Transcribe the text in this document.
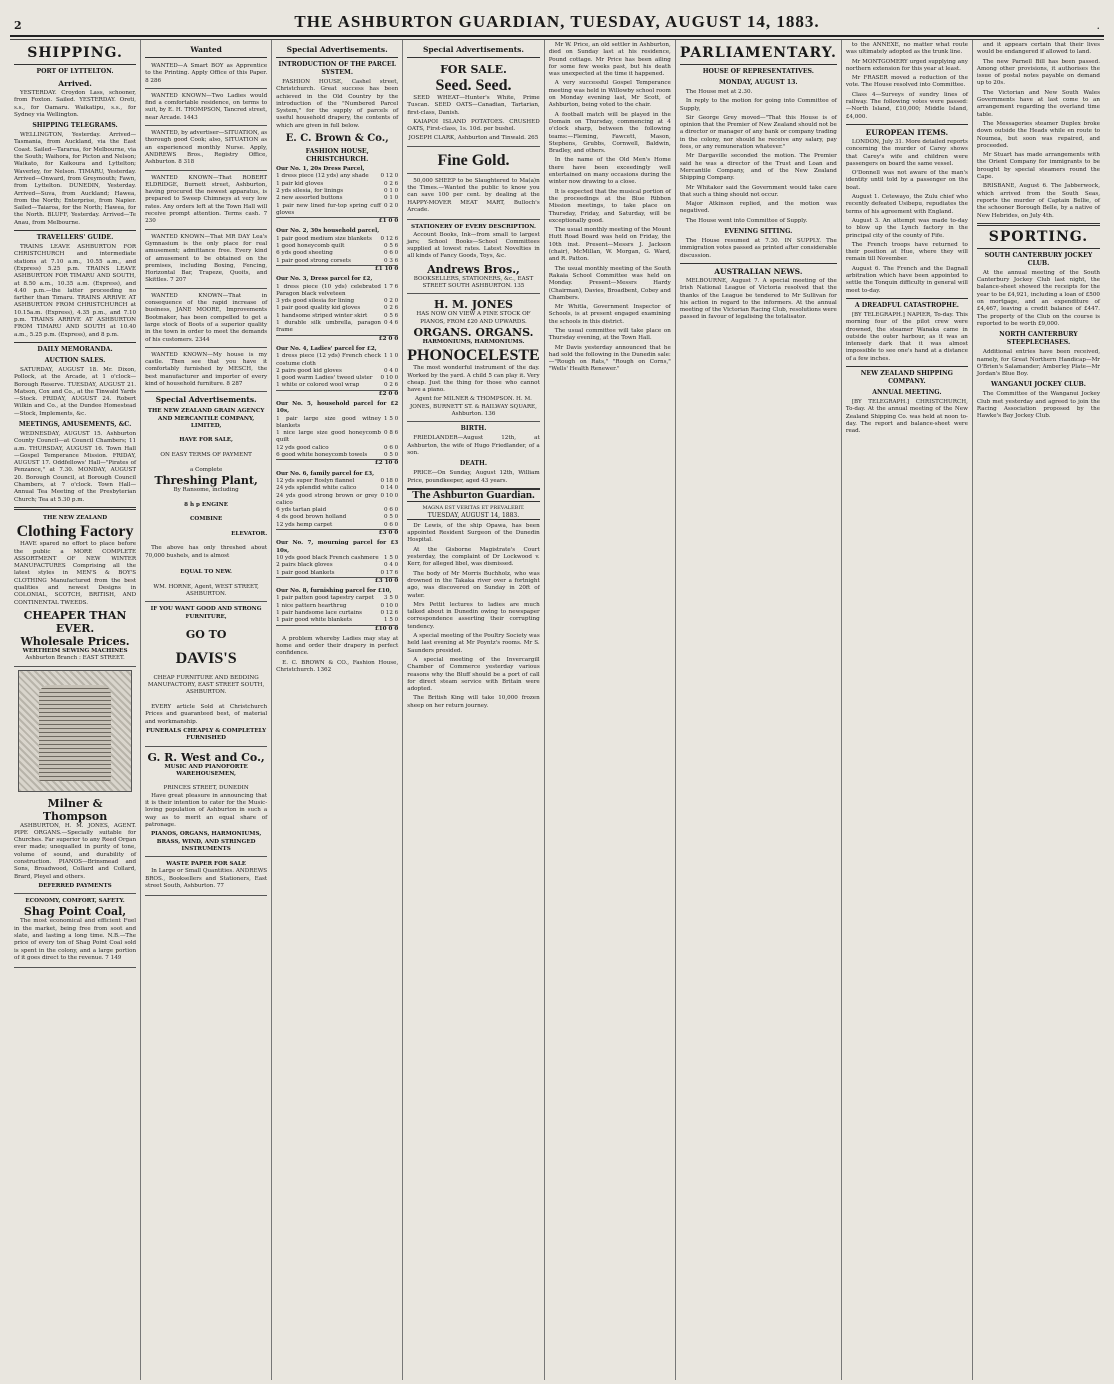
2	THE ASHBURTON GUARDIAN, TUESDAY, AUGUST 14, 1883.	.
SHIPPING.
PORT OF LYTTELTON.
Arrived.

YESTERDAY. Croydon Lass, schooner, from Foxton. Sailed. YESTERDAY. Oreti, s.s., for Oamaru. Waikatipu, s.s., for Sydney via Wellington.

SHIPPING TELEGRAMS.

WELLINGTON, Yesterday. Arrived—Tasmania, from Auckland, via the East Coast. Sailed—Tararua, for Melbourne, via the South; Waihora, for Picton and Nelson; Waikato, for Kaikoura and Lyttelton; Waverley, for Nelson. TIMARU, Yesterday. Arrived—Onward, from Greymouth; Fawn, from Lyttelton. DUNEDIN, Yesterday. Arrived—Suva, from Auckland; Hawea, from the North; Enterprise, from Napier. Sailed—Taiaroa, for the North; Hawea, for the North. BLUFF, Yesterday. Arrived—Te Anau, from Melbourne.

TRAVELLERS' GUIDE.

TRAINS LEAVE ASHBURTON FOR CHRISTCHURCH and intermediate stations at 7.10 a.m., 10.55 a.m., and (Express) 5.25 p.m. TRAINS LEAVE ASHBURTON FOR TIMARU AND SOUTH, at 8.50 a.m., 10.35 a.m. (Express), and 4.40 p.m.—the latter proceeding no farther than Timaru. TRAINS ARRIVE AT ASHBURTON FROM CHRISTCHURCH at 10.15a.m. (Express), 4.35 p.m., and 7.10 p.m. TRAINS ARRIVE AT ASHBURTON FROM TIMARU AND SOUTH at 10.40 a.m., 5.25 p.m. (Express), and 8 p.m.

DAILY MEMORANDA.
AUCTION SALES.

SATURDAY, AUGUST 18. Mr. Dixon, Pollock, at the Arcade, at 1 o'clock—Borough Reserve. TUESDAY, AUGUST 21. Matson, Cox and Co., at the Tinwald Yards—Stock. FRIDAY, AUGUST 24. Robert Wilkin and Co., at the Dundee Homestead—Stock, Implements, &c.

MEETINGS, AMUSEMENTS, &C.

WEDNESDAY, AUGUST 15. Ashburton County Council—at Council Chambers; 11 a.m. THURSDAY, AUGUST 16. Town Hall—Gospel Temperance Mission. FRIDAY, AUGUST 17. Oddfellows' Hall—"Pirates of Penzance," at 7.30. MONDAY, AUGUST 20. Borough Council, at Borough Council Chambers, at 7 o'clock. Town Hall—Annual Tea Meeting of the Presbyterian Church; Tea at 5.30 p.m.

THE NEW ZEALAND
Clothing Factory

HAVE spared no effort to place before the public a MORE COMPLETE ASSORTMENT OF NEW WINTER MANUFACTURES Comprising all the latest styles in MEN'S & BOY'S CLOTHING Manufactured from the best qualities and newest Designs in COLONIAL, SCOTCH, BRITISH, AND CONTINENTAL TWEEDS.

CHEAPER THAN EVER.
Wholesale Prices.
WERTHEIM SEWING MACHINES
Ashburton Branch : EAST STREET.
Milner & Thompson

ASHBURTON, H. M. JONES, AGENT. PIPE ORGANS.—Specially suitable for Churches. Far superior to any Reed Organ ever made; unequalled in purity of tone, volume of sound, and durability of construction. PIANOS—Brinsmead and Sons, Broadwood, Collard and Collard, Brard, Pleyel and others.

DEFERRED PAYMENTS
ECONOMY, COMFORT, SAFETY.
Shag Point Coal,

The most economical and efficient Fuel in the market, being free from soot and slate, and lasting a long time. N.B.—The price of every ton of Shag Point Coal sold is spent in the colony, and a large portion of it goes direct to the revenue. 7 149

Wanted

WANTED—A Smart BOY as Apprentice to the Printing. Apply Office of this Paper. 8 286

WANTED KNOWN—Two Ladies would find a comfortable residence, on terms to suit, by E. H. THOMPSON, Tancred street, near Arcade. 1443

WANTED, by advertiser—SITUATION, as thorough good Cook; also, SITUATION as an experienced monthly Nurse. Apply, ANDREWS Bros., Registry Office, Ashburton. 8 318

WANTED KNOWN—That ROBERT ELDRIDGE, Burnett street, Ashburton, having procured the newest apparatus, is prepared to Sweep Chimneys at very low rates. Any orders left at the Town Hall will receive prompt attention. Terms cash. 7 230

WANTED KNOWN—That MR DAY Lea's Gymnasium is the only place for real amusement; admittance free. Every kind of amusement to be obtained on the premises, including Boxing, Fencing, Horizontal Bar, Trapeze, Quoits, and Skittles. 7 207

WANTED KNOWN—That in consequence of the rapid increase of business, JANE MOORE, Improvements Bootmaker, has been compelled to get a large stock of Boots of a superior quality in the town in order to meet the demands of his customers. 2344

WANTED KNOWN—My house is my castle. Then see that you have it comfortably furnished by MESCH, the best manufacturer and importer of every kind of household furniture. 8 287

Special Advertisements.
THE NEW ZEALAND GRAIN AGENCY AND MERCANTILE COMPANY, LIMITED,

HAVE FOR SALE,

ON EASY TERMS OF PAYMENT

a Complete
Threshing Plant,
By Ransome, including

8 h p ENGINE

COMBINE

ELEVATOR.

The above has only threshed about 70,000 bushels, and is almost

EQUAL TO NEW.

WM. HORNE, Agent, WEST STREET, ASHBURTON.
IF YOU WANT GOOD AND STRONG FURNITURE,

GO TO

DAVIS'S

CHEAP FURNITURE AND BEDDING MANUFACTORY, EAST STREET SOUTH, ASHBURTON.

EVERY article Sold at Christchurch Prices and guaranteed best, of material and workmanship.

FUNERALS CHEAPLY & COMPLETELY FURNISHED
G. R. West and Co.,
MUSIC AND PIANOFORTE WAREHOUSEMEN,

PRINCES STREET, DUNEDIN

Have great pleasure in announcing that it is their intention to cater for the Music-loving population of Ashburton in such a way as to merit an equal share of patronage.

PIANOS, ORGANS, HARMONIUMS, BRASS, WIND, AND STRINGED INSTRUMENTS
WASTE PAPER FOR SALE

In Large or Small Quantities. ANDREWS BROS., Booksellers and Stationers, East street South, Ashburton. 77

Special Advertisements.
INTRODUCTION OF THE PARCEL SYSTEM.

FASHION HOUSE, Cashel street, Christchurch. Great success has been achieved in the Old Country by the introduction of the "Numbered Parcel System," for the supply of parcels of useful household drapery, the contents of which are given in full below.

E. C. Brown & Co.,
FASHION HOUSE, CHRISTCHURCH.
Our No. 1, 20s Dress Parcel,
1 dress piece (12 yds) any shade 0 12 0
1 pair kid gloves	0 2 6
2 yds silesia, for linings	0 1 0
2 new assorted buttons	0 1 0
1 pair new lined fur-top spring cuff gloves
0 2 0
£1 0 0
Our No. 2, 30s household parcel,
1 pair good medium size blankets 0 12 6
1 good honeycomb quilt	0 5 6
6 yds good sheeting	0 6 0
1 pair good strong corsets	0 3 6
£1 10 0
Our No. 3, Dress parcel for £2,
1 dress piece (10 yds) celebrated Paragon black velveteen
1 7 6
3 yds good silesia for lining	0 2 0
1 pair good quality kid gloves	0 2 6
1 handsome striped winter skirt	0 5 6
1 durable silk umbrella, paragon frame
0 4 6
£2 0 0
Our No. 4, Ladies' parcel for £2,
1 dress piece (12 yds) French check costume cloth
1 1 0
2 pairs good kid gloves	0 4 0
1 good warm Ladies' tweed ulster 0 10 0
1 white or colored wool wrap	0 2 6
£2 0 0
Our No. 5, household parcel for £2 10s,
1 pair large size good witney blankets
1 5 0
1 nice large size good honeycomb quilt
0 8 6
12 yds good calico	0 6 0
6 good white honeycomb towels	0 5 0
£2 10 0
Our No. 6, family parcel for £3,
12 yds super Roslyn flannel	0 18 0
24 yds splendid white calico	0 14 0
24 yds good strong brown or grey calico
0 10 0
6 yds tartan plaid	0 6 0
4 ds good brown holland	0 5 0
12 yds hemp carpet	0 6 0
£3 0 0
Our No. 7, mourning parcel for £3 10s,
10 yds good black French cashmere 1 5 0
2 pairs black gloves	0 4 0
1 pair good blankets	0 17 6
£3 10 0
Our No. 8, furnishing parcel for £10,
1 pair patten good tapestry carpet 3 5 0
1 nice pattern hearthrug	0 10 0
1 pair handsome lace curtains	0 12 6
1 pair good white blankets	1 5 0
£10 0 0

A problem whereby Ladies may stay at home and order their drapery in perfect confidence.

E. C. BROWN & CO., Fashion House, Christchurch. 1362

Special Advertisements.
FOR SALE.
Seed. Seed.

SEED WHEAT—Hunter's White, Prime Tuscan. SEED OATS—Canadian, Tartarian, first-class, Danish.

KAIAPOI ISLAND POTATOES. CRUSHED OATS, First-class, 1s. 10d. per bushel.

JOSEPH CLARK, Ashburton and Tinwald. 265
Fine Gold.

50,000 SHEEP to be Slaughtered to Ma(a)n the Times.—Wanted the public to know you can save 100 per cent. by dealing at the HAPPY-MOVER MEAT MART, Bulloch's Arcade.

STATIONERY OF EVERY DESCRIPTION.

Account Books, Ink—from small to largest jars; School Books—School Committees supplied at lowest rates. Latest Novelties in all kinds of Fancy Goods, Toys, &c.

Andrews Bros.,
BOOKSELLERS, STATIONERS, &c., EAST STREET SOUTH ASHBURTON. 135
H. M. JONES
HAS NOW ON VIEW A FINE STOCK OF PIANOS, FROM £20 AND UPWARDS.
ORGANS. ORGANS.
HARMONIUMS, HARMONIUMS.
PHONOCELESTE

The most wonderful instrument of the day. Worked by the yard. A child 5 can play it. Very cheap. Just the thing for those who cannot have a piano.

Agent for MILNER & THOMPSON. H. M. JONES, BURNETT ST. & RAILWAY SQUARE, Ashburton. 136
BIRTH.

FRIEDLANDER—August 12th, at Ashburton, the wife of Hugo Friedlander, of a son.

DEATH.

PRICE—On Sunday, August 12th, William Price, poundkeeper, aged 43 years.

The Ashburton Guardian.
MAGNA EST VERITAS ET PREVALEBIT.
TUESDAY, AUGUST 14, 1883.

Dr Lewis, of the ship Opawa, has been appointed Resident Surgeon of the Dunedin Hospital.

At the Gisborne Magistrate's Court yesterday, the complaint of Dr Lockwood v. Kerr, for alleged libel, was dismissed.

The body of Mr Morris Buchholz, who was drowned in the Takaka river over a fortnight ago, was discovered on Sunday in 20ft of water.

Mrs Pettit lectures to ladies are much talked about in Dunedin owing to newspaper correspondence asserting their corrupting tendency.

A special meeting of the Poultry Society was held last evening at Mr Poyntz's rooms. Mr S. Saunders presided.

A special meeting of the Invercargill Chamber of Commerce yesterday various reasons why the Bluff should be a port of call for direct steam service with Britain were adopted.

The British King will take 10,000 frozen sheep on her return journey.

Mr W. Price, an old settler in Ashburton, died on Sunday last at his residence, Pound cottage. Mr Price has been ailing for some few weeks past, but his death was unexpected at the time it happened.

A very successful Gospel Temperance meeting was held in Willowby school room on Monday evening last, Mr Scott, of Ashburton, being voted to the chair.

A football match will be played in the Domain on Thursday, commencing at 4 o'clock sharp, between the following teams:—Fleming, Fawcett, Mason, Stephens, Grubbs, Cornwell, Baldwin, Bradley, and others.

In the name of the Old Men's Home there have been exceedingly well entertained on many occasions during the winter now drawing to a close.

It is expected that the musical portion of the proceedings at the Blue Ribbon Mission meetings, to take place on Thursday, Friday, and Saturday, will be exceptionally good.

The usual monthly meeting of the Mount Hutt Road Board was held on Friday, the 10th inst. Present—Messrs J. Jackson (chair), McMillan, W. Morgan, G. Ward, and R. Patton.

The usual monthly meeting of the South Rakaia School Committee was held on Monday. Present—Messrs Hardy (Chairman), Davies, Broadbent, Cobey and Chambers.

Mr Whitla, Government Inspector of Schools, is at present engaged examining the schools in this district.

The usual committee will take place on Thursday evening, at the Town Hall.

Mr Davis yesterday announced that he had sold the following in the Dunedin sale:—"Rough on Rats," "Rough on Corns," "Wells' Health Renewer."

PARLIAMENTARY.
HOUSE OF REPRESENTATIVES.
MONDAY, AUGUST 13.

The House met at 2.30.

In reply to the motion for going into Committee of Supply,

Sir George Grey moved—"That this House is of opinion that the Premier of New Zealand should not be a director or manager of any bank or company trading in the colony, nor should he receive any salary, pay fees, or any remuneration whatever."

Mr Dargaville seconded the motion. The Premier said he was a director of the Trust and Loan and Mercantile Company, and of the New Zealand Shipping Company.

Mr Whitaker said the Government would take care that such a thing should not occur.

Major Atkinson replied, and the motion was negatived.

The House went into Committee of Supply.

EVENING SITTING.

The House resumed at 7.30. IN SUPPLY. The immigration votes passed as printed after considerable discussion.

AUSTRALIAN NEWS.

MELBOURNE, August 7. A special meeting of the Irish National League of Victoria resolved that the thanks of the League be tendered to Mr Sullivan for his action in regard to the informers. At the annual meeting of the Victorian Racing Club, resolutions were passed in favour of legalising the totalisator.

to the ANNEXE, no matter what route was ultimately adopted as the trunk line.

Mr MONTGOMERY urged supplying any northern extension for this year at least.

Mr FRASER moved a reduction of the vote. The House resolved into Committee.

Class 4—Surveys of sundry lines of railway. The following votes were passed:—North Island, £10,000; Middle Island, £4,000.

EUROPEAN ITEMS.

LONDON, July 31. More detailed reports concerning the murder of Carey shows that Carey's wife and children were passengers on board the same vessel.

O'Donnell was not aware of the man's identity until told by a passenger on the boat.

August 1. Cetewayo, the Zulu chief who recently defeated Usibepu, repudiates the terms of his agreement with England.

August 3. An attempt was made to-day to blow up the Lynch factory in the principal city of the county of Fife.

The French troops have returned to their position at Hue, where they will remain till November.

August 6. The French and the Dagnall arbitration which have been appointed to settle the Tonquin difficulty in general will meet to-day.

A DREADFUL CATASTROPHE.

[BY TELEGRAPH.] NAPIER, To-day. This morning four of the pilot crew were drowned, the steamer Wanaka came in outside the outer harbour, as it was an intensely dark that it was almost impossible to see one's hand at a distance of a few inches.

NEW ZEALAND SHIPPING COMPANY.
ANNUAL MEETING.

[BY TELEGRAPH.] CHRISTCHURCH, To-day. At the annual meeting of the New Zealand Shipping Co. was held at noon to-day. The report and balance-sheet were read.

and it appears certain that their lives would be endangered if allowed to land.

The new Parnell Bill has been passed. Among other provisions, it authorises the issue of postal notes payable on demand up to 20s.

The Victorian and New South Wales Governments have at last come to an arrangement regarding the overland time table.

The Messageries steamer Duplex broke down outside the Heads while en route to Noumea, but soon was repaired, and proceeded.

Mr Stuart has made arrangements with the Orient Company for immigrants to be brought by special steamers round the Cape.

BRISBANE, August 6. The Jabberwock, which arrived from the South Seas, reports the murder of Captain Bellie, of the schooner Borough Belle, by a native of New Hebrides, on July 4th.

SPORTING.
SOUTH CANTERBURY JOCKEY CLUB.

At the annual meeting of the South Canterbury Jockey Club last night, the balance-sheet showed the receipts for the year to be £4,921, including a loan of £500 on mortgage, and an expenditure of £4,467, leaving a credit balance of £447. The property of the Club on the course is reported to be worth £9,000.

NORTH CANTERBURY STEEPLECHASES.

Additional entries have been received, namely, for Great Northern Handicap—Mr O'Brien's Salamander; Amberley Plate—Mr Jordan's Blue Boy.

WANGANUI JOCKEY CLUB.

The Committee of the Wanganui Jockey Club met yesterday and agreed to join the Racing Association proposed by the Hawke's Bay Jockey Club.
